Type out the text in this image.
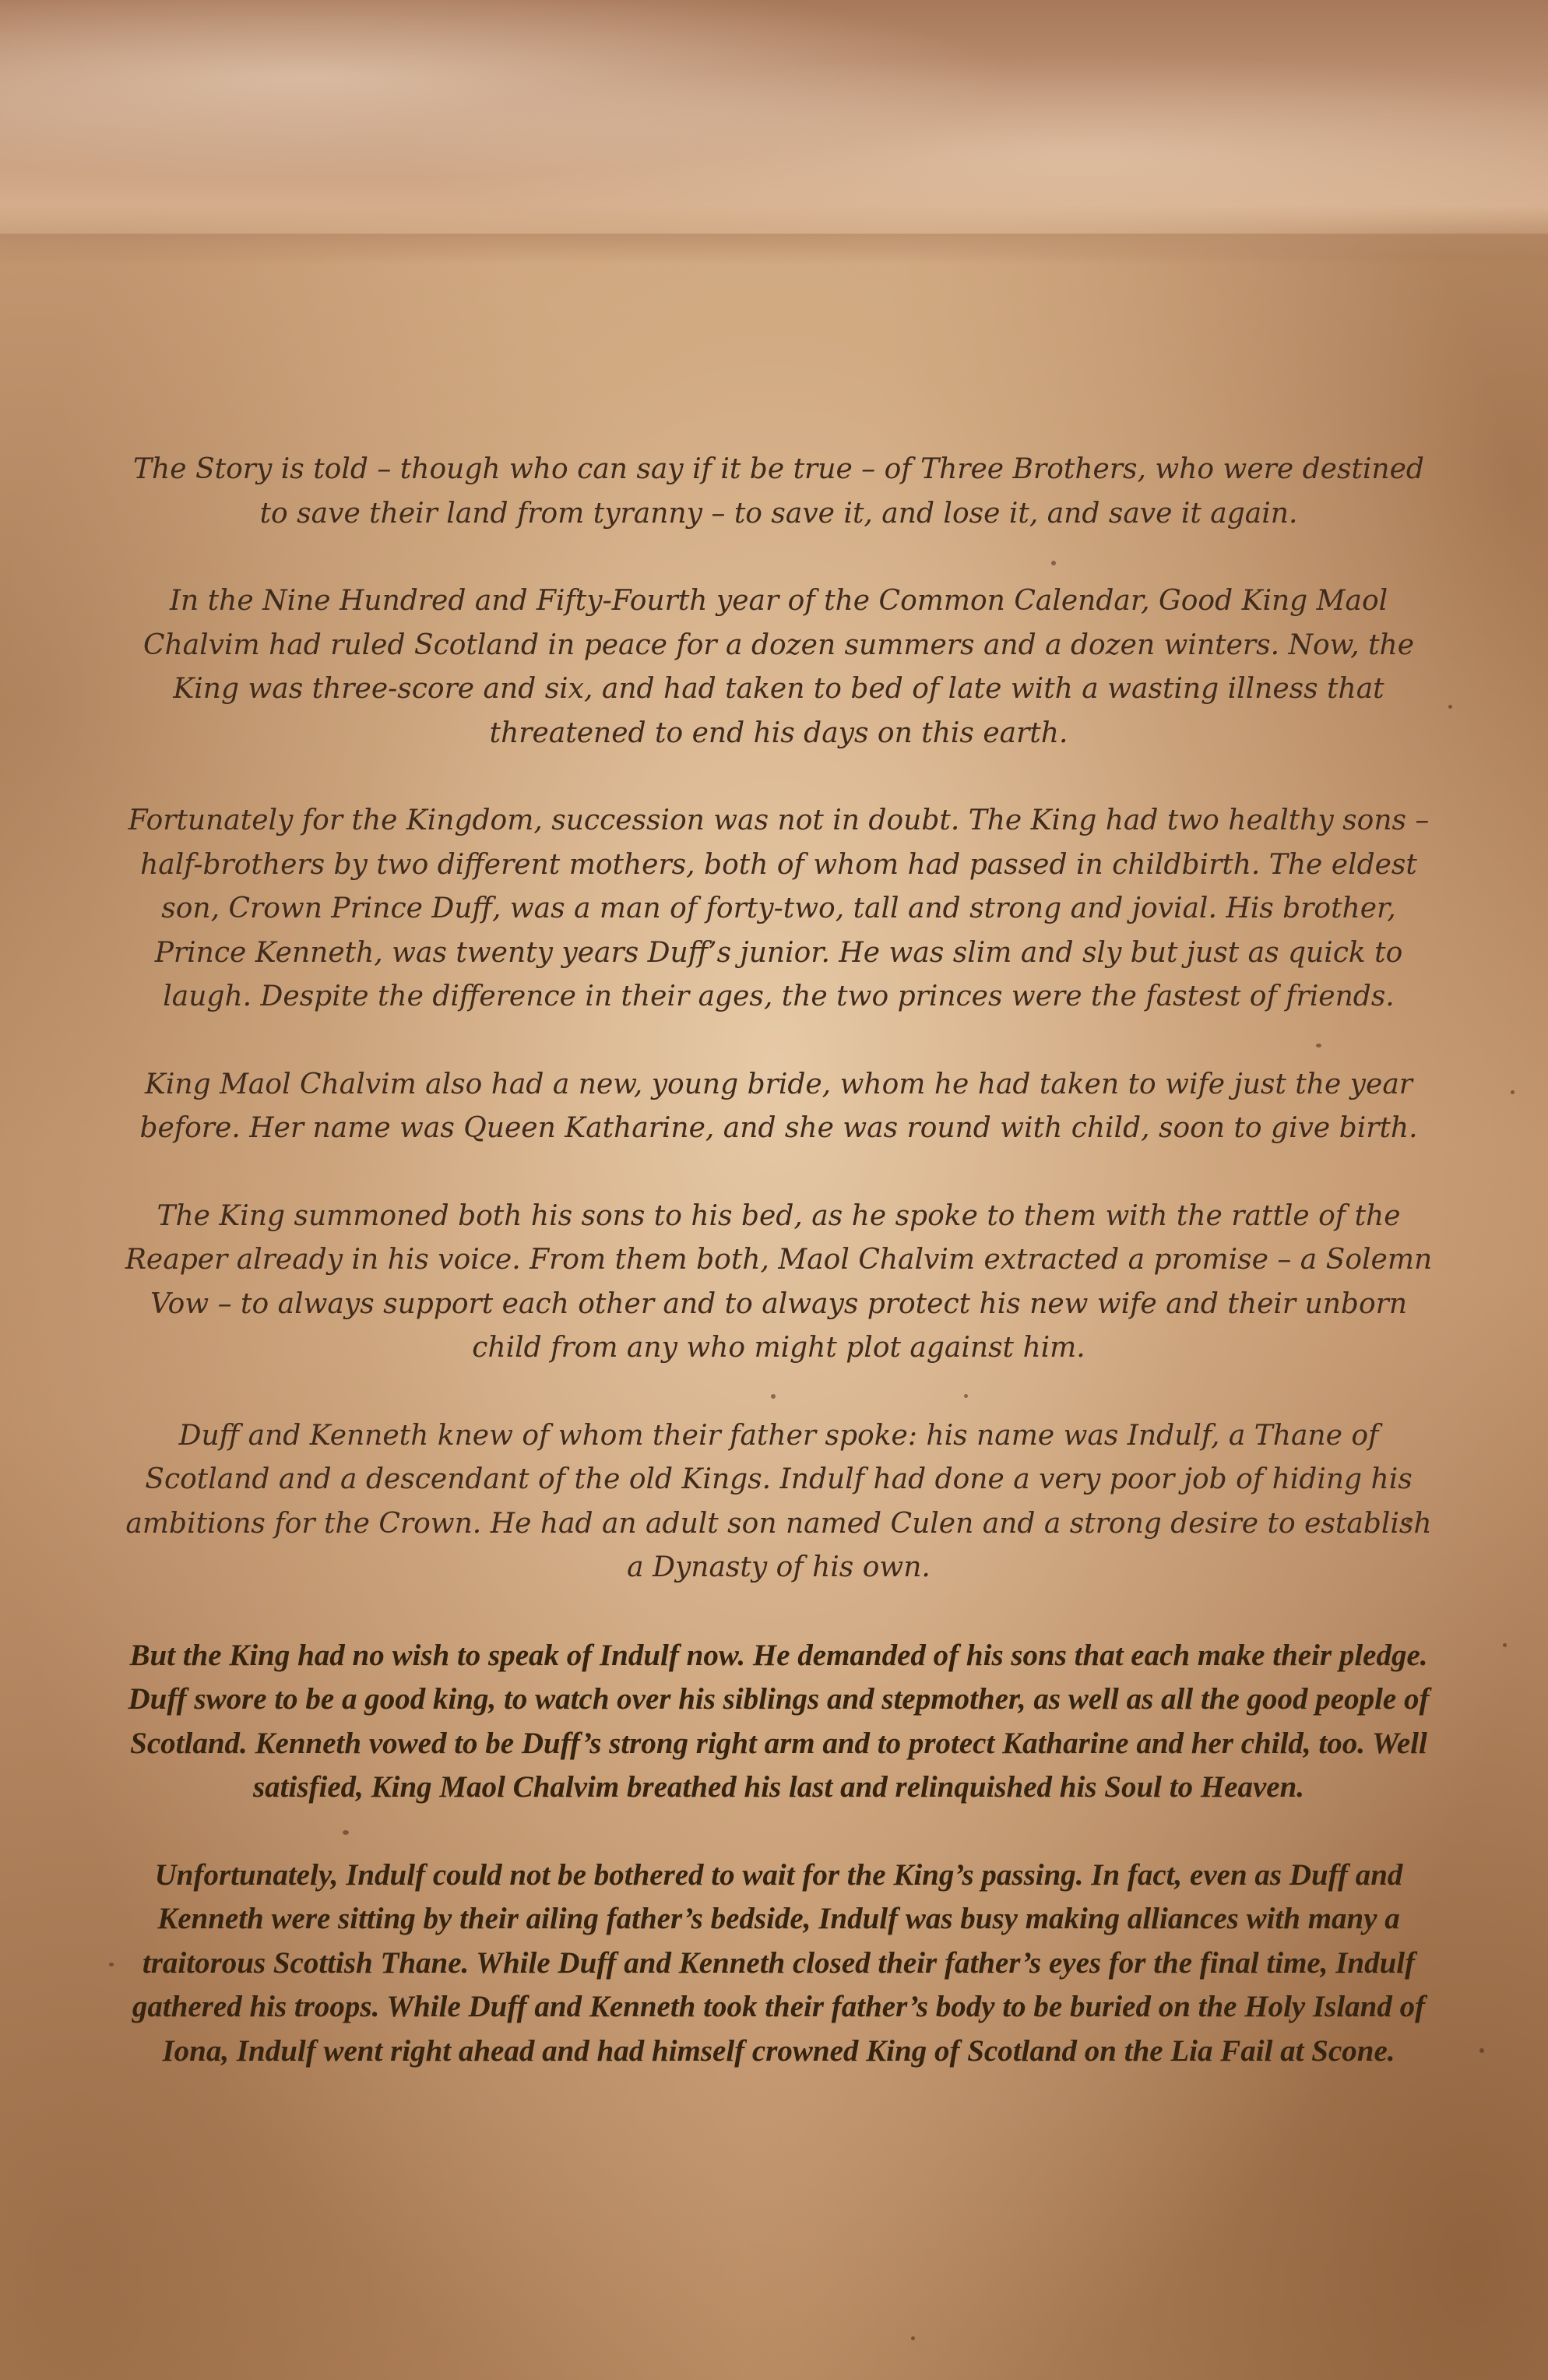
The Story is told – though who can say if it be true – of Three Brothers, who were destined to save their land from tyranny – to save it, and lose it, and save it again.

In the Nine Hundred and Fifty-Fourth year of the Common Calendar, Good King Maol Chalvim had ruled Scotland in peace for a dozen summers and a dozen winters. Now, the King was three-score and six, and had taken to bed of late with a wasting illness that threatened to end his days on this earth.

Fortunately for the Kingdom, succession was not in doubt. The King had two healthy sons – half-brothers by two different mothers, both of whom had passed in childbirth. The eldest son, Crown Prince Duff, was a man of forty-two, tall and strong and jovial. His brother, Prince Kenneth, was twenty years Duff’s junior. He was slim and sly but just as quick to laugh. Despite the difference in their ages, the two princes were the fastest of friends.

King Maol Chalvim also had a new, young bride, whom he had taken to wife just the year before. Her name was Queen Katharine, and she was round with child, soon to give birth.

The King summoned both his sons to his bed, as he spoke to them with the rattle of the Reaper already in his voice. From them both, Maol Chalvim extracted a promise – a Solemn Vow – to always support each other and to always protect his new wife and their unborn child from any who might plot against him.

Duff and Kenneth knew of whom their father spoke: his name was Indulf, a Thane of Scotland and a descendant of the old Kings. Indulf had done a very poor job of hiding his ambitions for the Crown. He had an adult son named Culen and a strong desire to establish a Dynasty of his own.

But the King had no wish to speak of Indulf now. He demanded of his sons that each make their pledge. Duff swore to be a good king, to watch over his siblings and stepmother, as well as all the good people of Scotland. Kenneth vowed to be Duff’s strong right arm and to protect Katharine and her child, too. Well satisfied, King Maol Chalvim breathed his last and relinquished his Soul to Heaven.

Unfortunately, Indulf could not be bothered to wait for the King’s passing. In fact, even as Duff and Kenneth were sitting by their ailing father’s bedside, Indulf was busy making alliances with many a traitorous Scottish Thane. While Duff and Kenneth closed their father’s eyes for the final time, Indulf gathered his troops. While Duff and Kenneth took their father’s body to be buried on the Holy Island of Iona, Indulf went right ahead and had himself crowned King of Scotland on the Lia Fail at Scone.
